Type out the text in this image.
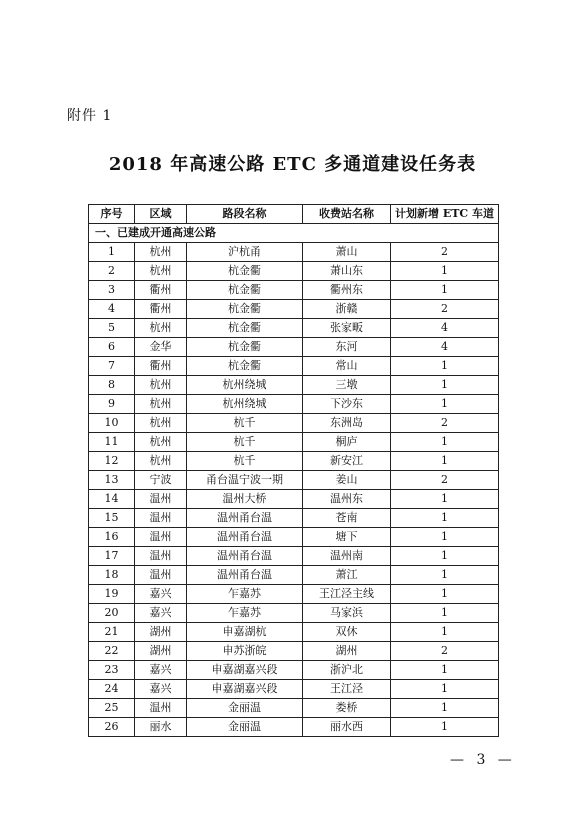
附件 1
2018 年高速公路 ETC 多通道建设任务表
序号	区域	路段名称	收费站名称	计划新增 ETC 车道
一、已建成开通高速公路				
1	杭州	沪杭甬	萧山	2
2	杭州	杭金衢	萧山东	1
3	衢州	杭金衢	衢州东	1
4	衢州	杭金衢	浙赣	2
5	杭州	杭金衢	张家畈	4
6	金华	杭金衢	东河	4
7	衢州	杭金衢	常山	1
8	杭州	杭州绕城	三墩	1
9	杭州	杭州绕城	下沙东	1
10	杭州	杭千	东洲岛	2
11	杭州	杭千	桐庐	1
12	杭州	杭千	新安江	1
13	宁波	甬台温宁波一期	姜山	2
14	温州	温州大桥	温州东	1
15	温州	温州甬台温	苍南	1
16	温州	温州甬台温	塘下	1
17	温州	温州甬台温	温州南	1
18	温州	温州甬台温	萧江	1
19	嘉兴	乍嘉苏	王江泾主线	1
20	嘉兴	乍嘉苏	马家浜	1
21	湖州	申嘉湖杭	双休	1
22	湖州	申苏浙皖	湖州	2
23	嘉兴	申嘉湖嘉兴段	浙沪北	1
24	嘉兴	申嘉湖嘉兴段	王江泾	1
25	温州	金丽温	娄桥	1
26	丽水	金丽温	丽水西	1
— 3 —
